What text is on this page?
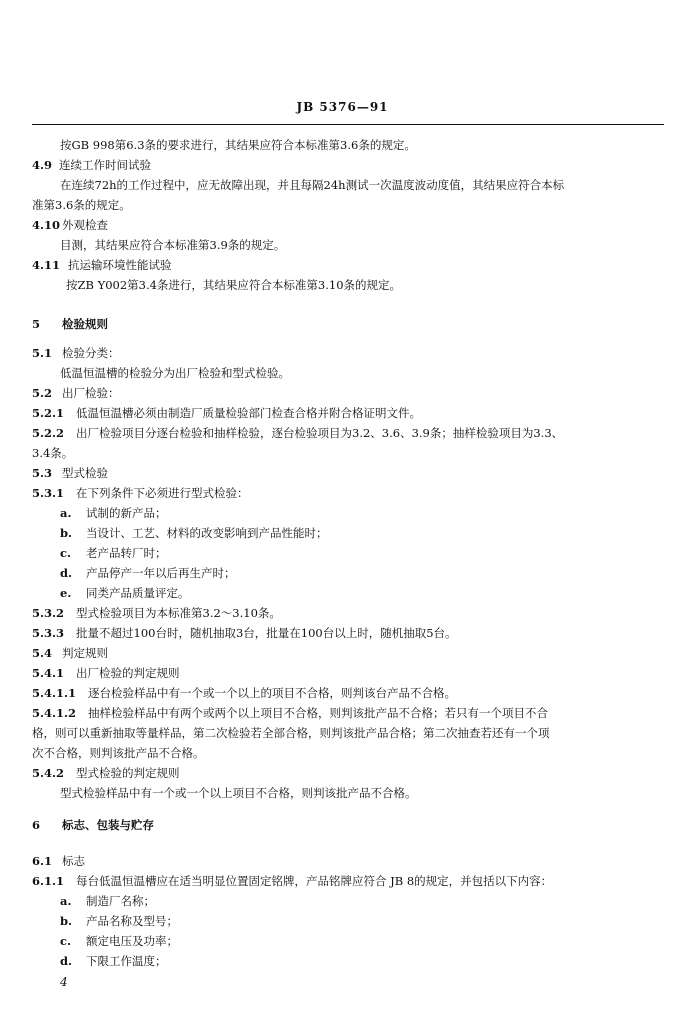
JB 5376—91
按GB 998第6.3条的要求进行，其结果应符合本标准第3.6条的规定。
4.9 连续工作时间试验
在连续72h的工作过程中，应无故障出现，并且每隔24h测试一次温度波动度值，其结果应符合本标
准第3.6条的规定。
4.10 外观检查
目测，其结果应符合本标准第3.9条的规定。
4.11 抗运输环境性能试验
按ZB Y002第3.4条进行，其结果应符合本标准第3.10条的规定。
5 检验规则
5.1 检验分类：
低温恒温槽的检验分为出厂检验和型式检验。
5.2 出厂检验：
5.2.1 低温恒温槽必须由制造厂质量检验部门检查合格并附合格证明文件。
5.2.2 出厂检验项目分逐台检验和抽样检验，逐台检验项目为3.2、3.6、3.9条；抽样检验项目为3.3、
3.4条。
5.3 型式检验
5.3.1 在下列条件下必须进行型式检验：
a. 试制的新产品；
b. 当设计、工艺、材料的改变影响到产品性能时；
c. 老产品转厂时；
d. 产品停产一年以后再生产时；
e. 同类产品质量评定。
5.3.2 型式检验项目为本标准第3.2～3.10条。
5.3.3 批量不超过100台时，随机抽取3台，批量在100台以上时，随机抽取5台。
5.4 判定规则
5.4.1 出厂检验的判定规则
5.4.1.1 逐台检验样品中有一个或一个以上的项目不合格，则判该台产品不合格。
5.4.1.2 抽样检验样品中有两个或两个以上项目不合格，则判该批产品不合格；若只有一个项目不合
格，则可以重新抽取等量样品，第二次检验若全部合格，则判该批产品合格；第二次抽查若还有一个项
次不合格，则判该批产品不合格。
5.4.2 型式检验的判定规则
型式检验样品中有一个或一个以上项目不合格，则判该批产品不合格。
6 标志、包装与贮存
6.1 标志
6.1.1 每台低温恒温槽应在适当明显位置固定铭牌，产品铭牌应符合 JB 8的规定，并包括以下内容：
a. 制造厂名称；
b. 产品名称及型号；
c. 额定电压及功率；
d. 下限工作温度；
4
